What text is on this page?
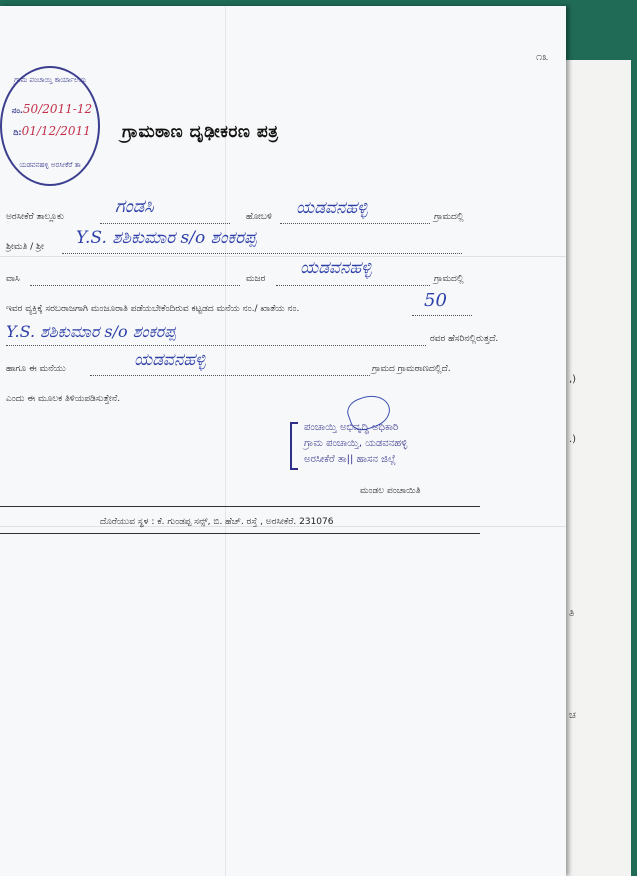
,)
.)
ತಿ
ಚ
೧೩
ಗ್ರಾಮ ಪಂಚಾಯ್ತಿ ಕಾರ್ಯಾಲಯ
ನಂ.50/2011-12
ದಿ:01/12/2011
ಯಡವನಹಳ್ಳಿ ಅರಸೀಕೆರೆ ತಾ
ಗ್ರಾಮಠಾಣ ದೃಢೀಕರಣ ಪತ್ರ
ಅರಸೀಕೆರೆ ತಾಲ್ಲೂಕು	ಗಂಡಸಿ	ಹೋಬಳಿ ಯಡವನಹಳ್ಳಿ	ಗ್ರಾಮದಲ್ಲಿ
ಶ್ರೀಮತಿ / ಶ್ರೀ Y.S. ಶಶಿಕುಮಾರ s/o ಶಂಕರಪ್ಪ
ವಾಸಿ	ಮಜರ
ಯಡವನಹಳ್ಳಿ
ಗ್ರಾಮದಲ್ಲಿ
ಇವರ ವ್ಯಕ್ತಿಕ್ಕೆ ಸರಬರಾಜಗಾಗಿ ಮಂಜೂರಾತಿ ಪಡೆಯಬೇಕೆಂದಿರುವ ಕಟ್ಟಡದ ಮನೆಯ ನಂ./ ಖಾತೆಯ ನಂ.	50
Y.S. ಶಶಿಕುಮಾರ s/o ಶಂಕರಪ್ಪ	ರವರ ಹೆಸರಿನಲ್ಲಿರುತ್ತದೆ.
ಹಾಗೂ ಈ ಮನೆಯು	ಯಡವನಹಳ್ಳಿ	ಗ್ರಾಮದ ಗ್ರಾಮಠಾಣದಲ್ಲಿದೆ.
ಎಂದು ಈ ಮೂಲಕ ತಿಳಿಯಪಡಿಸುತ್ತೇನೆ.
ಪಂಚಾಯ್ತಿ ಅಭಿವೃದ್ಧಿ ಅಧಿಕಾರಿ
ಗ್ರಾಮ ಪಂಚಾಯ್ತಿ, ಯಡವನಹಳ್ಳಿ
ಅರಸೀಕೆರೆ ತಾ|| ಹಾಸನ ಜಿಲ್ಲೆ
ಮಂಡಲ ಪಂಚಾಯಿತಿ
ದೊರೆಯುವ ಸ್ಥಳ : ಕೆ. ಗುಂಡಪ್ಪ ಸನ್ಸ್, ಬಿ. ಹೆಚ್. ರಸ್ತೆ , ಅರಸೀಕೆರೆ. 231076
